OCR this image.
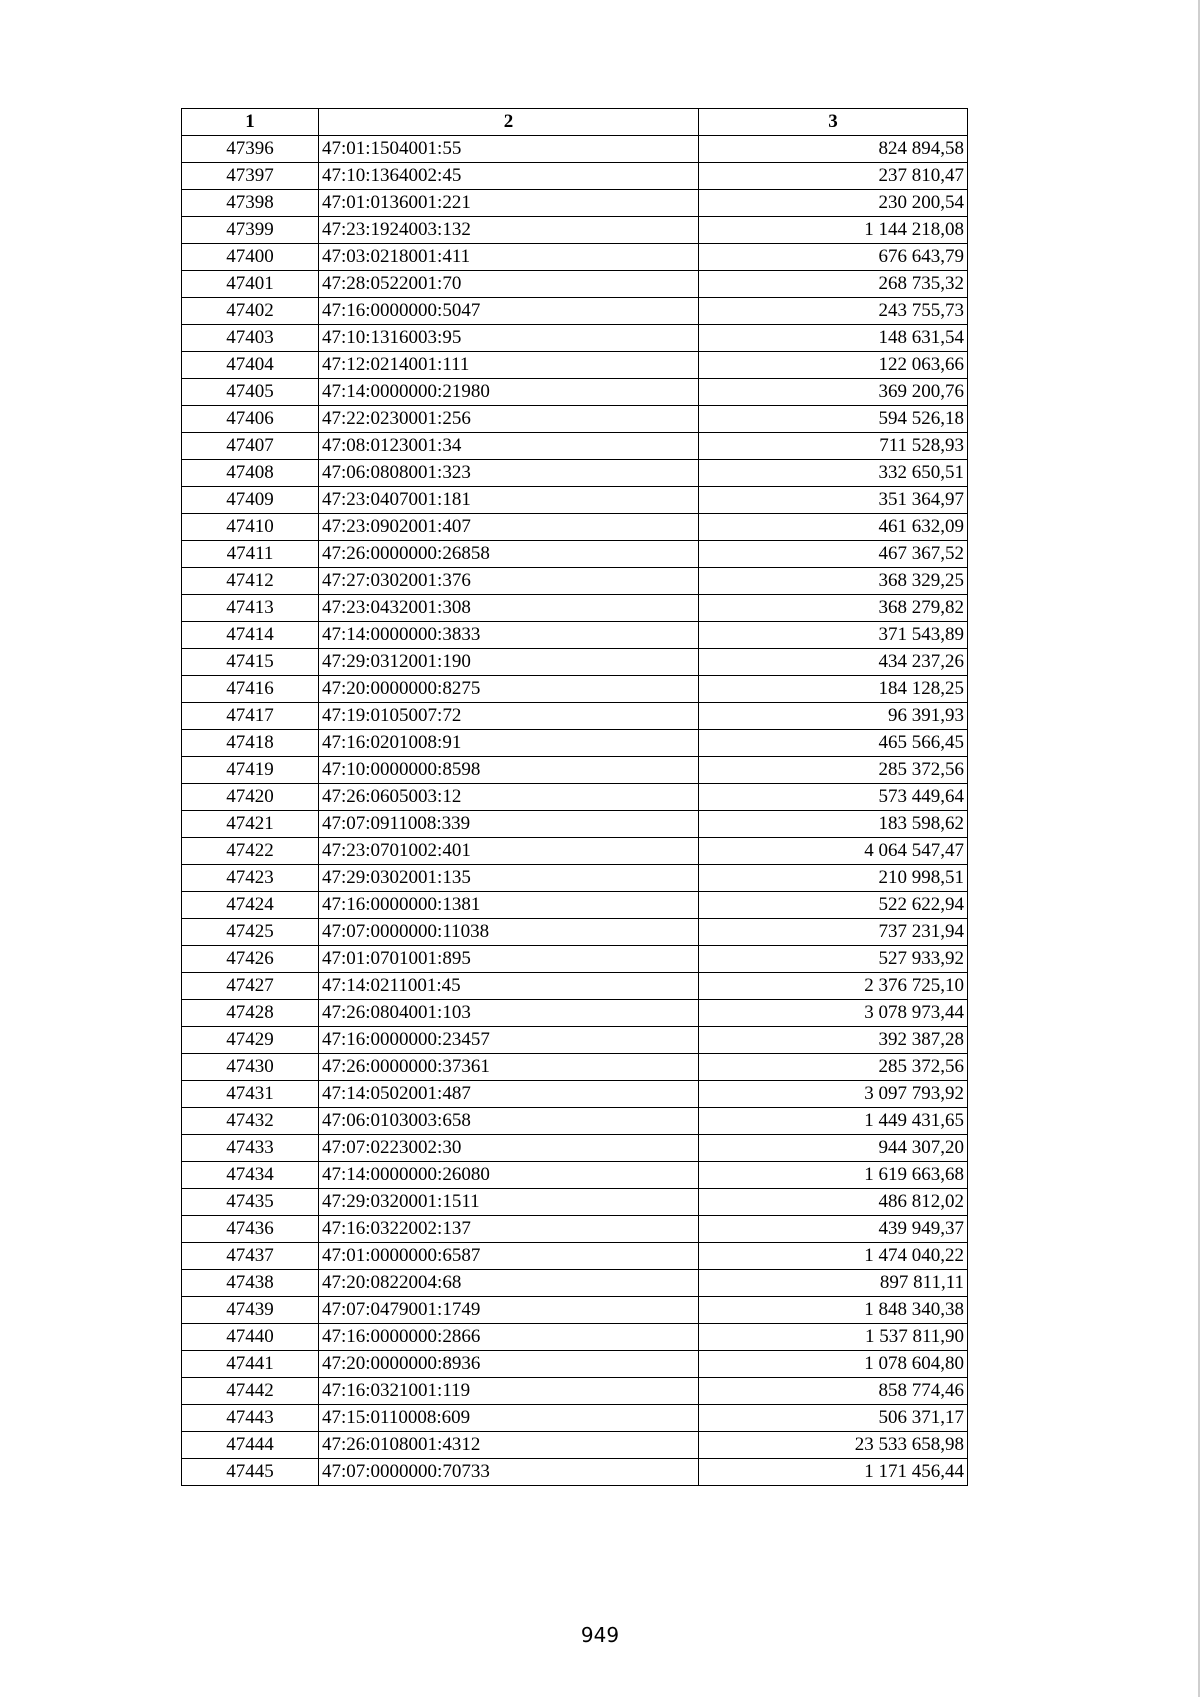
1	2	3
47396	47:01:1504001:55	824 894,58
47397	47:10:1364002:45	237 810,47
47398	47:01:0136001:221	230 200,54
47399	47:23:1924003:132	1 144 218,08
47400	47:03:0218001:411	676 643,79
47401	47:28:0522001:70	268 735,32
47402	47:16:0000000:5047	243 755,73
47403	47:10:1316003:95	148 631,54
47404	47:12:0214001:111	122 063,66
47405	47:14:0000000:21980	369 200,76
47406	47:22:0230001:256	594 526,18
47407	47:08:0123001:34	711 528,93
47408	47:06:0808001:323	332 650,51
47409	47:23:0407001:181	351 364,97
47410	47:23:0902001:407	461 632,09
47411	47:26:0000000:26858	467 367,52
47412	47:27:0302001:376	368 329,25
47413	47:23:0432001:308	368 279,82
47414	47:14:0000000:3833	371 543,89
47415	47:29:0312001:190	434 237,26
47416	47:20:0000000:8275	184 128,25
47417	47:19:0105007:72	96 391,93
47418	47:16:0201008:91	465 566,45
47419	47:10:0000000:8598	285 372,56
47420	47:26:0605003:12	573 449,64
47421	47:07:0911008:339	183 598,62
47422	47:23:0701002:401	4 064 547,47
47423	47:29:0302001:135	210 998,51
47424	47:16:0000000:1381	522 622,94
47425	47:07:0000000:11038	737 231,94
47426	47:01:0701001:895	527 933,92
47427	47:14:0211001:45	2 376 725,10
47428	47:26:0804001:103	3 078 973,44
47429	47:16:0000000:23457	392 387,28
47430	47:26:0000000:37361	285 372,56
47431	47:14:0502001:487	3 097 793,92
47432	47:06:0103003:658	1 449 431,65
47433	47:07:0223002:30	944 307,20
47434	47:14:0000000:26080	1 619 663,68
47435	47:29:0320001:1511	486 812,02
47436	47:16:0322002:137	439 949,37
47437	47:01:0000000:6587	1 474 040,22
47438	47:20:0822004:68	897 811,11
47439	47:07:0479001:1749	1 848 340,38
47440	47:16:0000000:2866	1 537 811,90
47441	47:20:0000000:8936	1 078 604,80
47442	47:16:0321001:119	858 774,46
47443	47:15:0110008:609	506 371,17
47444	47:26:0108001:4312	23 533 658,98
47445	47:07:0000000:70733	1 171 456,44
949
